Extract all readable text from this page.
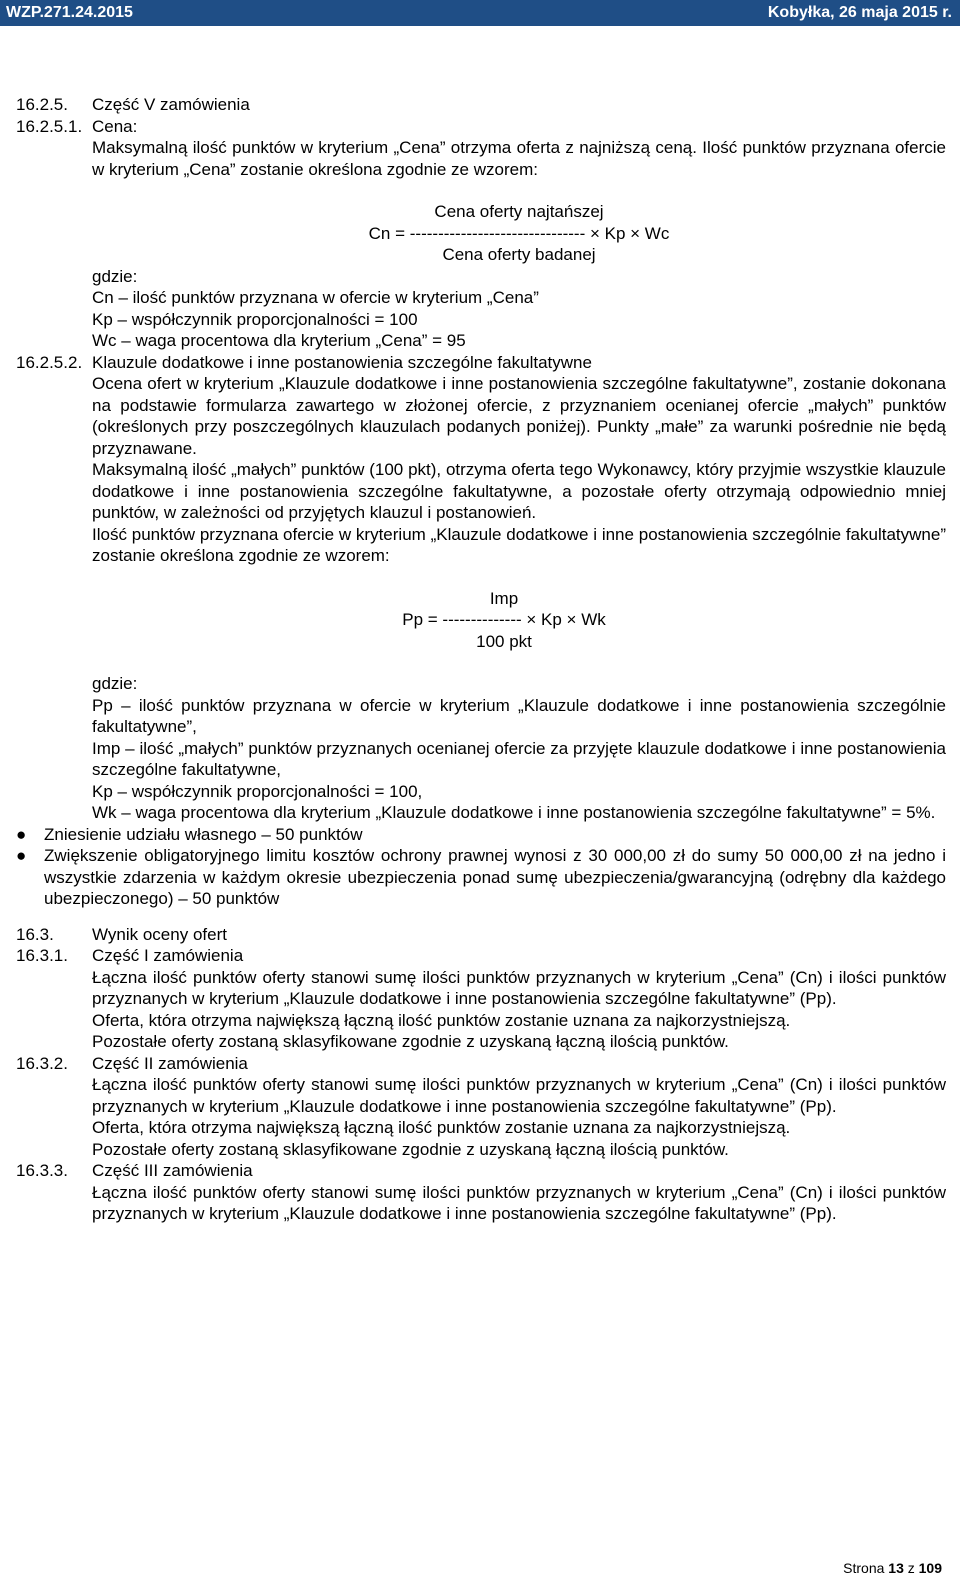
WZP.271.24.2015	Kobyłka, 26 maja 2015 r.
16.2.5.	Część V zamówienia
16.2.5.1. Cena:
Maksymalną ilość punktów w kryterium „Cena” otrzyma oferta z najniższą ceną. Ilość punktów przyznana ofercie w kryterium „Cena” zostanie określona zgodnie ze wzorem:
Cena oferty najtańszej
Cn = ------------------------------- × Kp × Wc
Cena oferty badanej
gdzie:
Cn – ilość punktów przyznana w ofercie w kryterium „Cena”
Kp – współczynnik proporcjonalności = 100
Wc – waga procentowa dla kryterium „Cena” = 95
16.2.5.2. Klauzule dodatkowe i inne postanowienia szczególne fakultatywne
Ocena ofert w kryterium „Klauzule dodatkowe i inne postanowienia szczególne fakultatywne”, zostanie dokonana na podstawie formularza zawartego w złożonej ofercie, z przyznaniem ocenianej ofercie „małych” punktów (określonych przy poszczególnych klauzulach podanych poniżej). Punkty „małe” za warunki pośrednie nie będą przyznawane.
Maksymalną ilość „małych” punktów (100 pkt), otrzyma oferta tego Wykonawcy, który przyjmie wszystkie klauzule dodatkowe i inne postanowienia szczególne fakultatywne, a pozostałe oferty otrzymają odpowiednio mniej punktów, w zależności od przyjętych klauzul i postanowień.
Ilość punktów przyznana ofercie w kryterium „Klauzule dodatkowe i inne postanowienia szczególnie fakultatywne” zostanie określona zgodnie ze wzorem:
Imp
Pp = -------------- × Kp × Wk
100 pkt
gdzie:
Pp – ilość punktów przyznana w ofercie w kryterium „Klauzule dodatkowe i inne postanowienia szczególnie fakultatywne”,
Imp – ilość „małych” punktów przyznanych ocenianej ofercie za przyjęte klauzule dodatkowe i inne postanowienia szczególne fakultatywne,
Kp – współczynnik proporcjonalności = 100,
Wk – waga procentowa dla kryterium „Klauzule dodatkowe i inne postanowienia szczególne fakultatywne” = 5%.
●	Zniesienie udziału własnego – 50 punktów
●	Zwiększenie obligatoryjnego limitu kosztów ochrony prawnej wynosi z 30 000,00 zł do sumy 50 000,00 zł na jedno i wszystkie zdarzenia w każdym okresie ubezpieczenia ponad sumę ubezpieczenia/gwarancyjną (odrębny dla każdego ubezpieczonego) – 50 punktów
16.3.	Wynik oceny ofert
16.3.1.	Część I zamówienia
Łączna ilość punktów oferty stanowi sumę ilości punktów przyznanych w kryterium „Cena” (Cn) i ilości punktów przyznanych w kryterium „Klauzule dodatkowe i inne postanowienia szczególne fakultatywne” (Pp).
Oferta, która otrzyma największą łączną ilość punktów zostanie uznana za najkorzystniejszą.
Pozostałe oferty zostaną sklasyfikowane zgodnie z uzyskaną łączną ilością punktów.
16.3.2.	Część II zamówienia
Łączna ilość punktów oferty stanowi sumę ilości punktów przyznanych w kryterium „Cena” (Cn) i ilości punktów przyznanych w kryterium „Klauzule dodatkowe i inne postanowienia szczególne fakultatywne” (Pp).
Oferta, która otrzyma największą łączną ilość punktów zostanie uznana za najkorzystniejszą.
Pozostałe oferty zostaną sklasyfikowane zgodnie z uzyskaną łączną ilością punktów.
16.3.3.	Część III zamówienia
Łączna ilość punktów oferty stanowi sumę ilości punktów przyznanych w kryterium „Cena” (Cn) i ilości punktów przyznanych w kryterium „Klauzule dodatkowe i inne postanowienia szczególne fakultatywne” (Pp).
Strona 13 z 109
